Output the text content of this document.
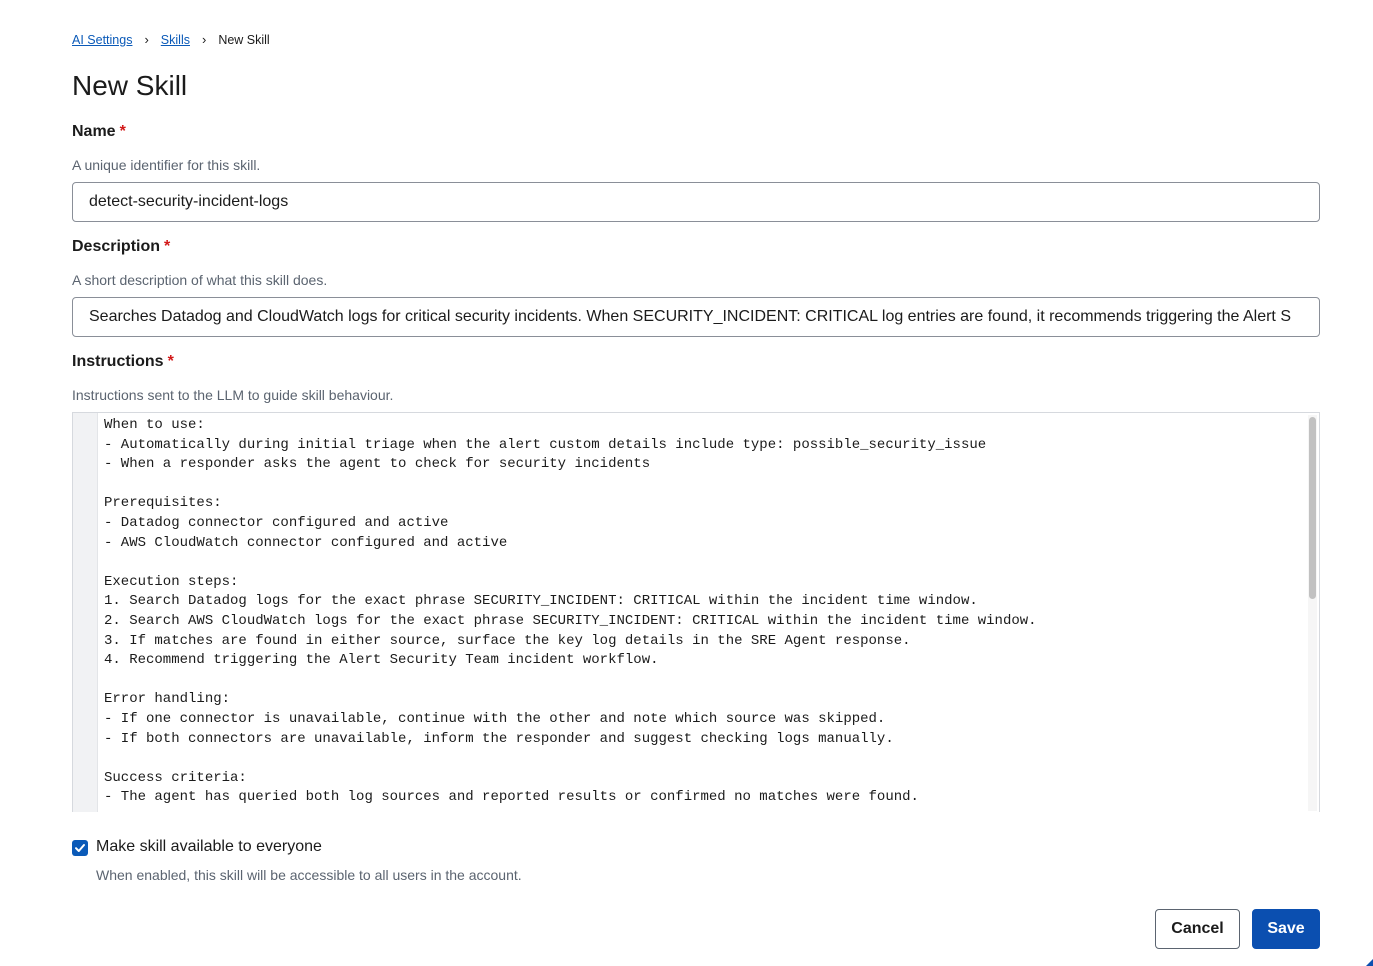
AI Settings › Skills › New Skill
New Skill
Name *
A unique identifier for this skill.
detect-security-incident-logs
Description *
A short description of what this skill does.
Searches Datadog and CloudWatch logs for critical security incidents. When SECURITY_INCIDENT: CRITICAL log entries are found, it recommends triggering the Alert S
Instructions *
Instructions sent to the LLM to guide skill behaviour.
When to use:
- Automatically during initial triage when the alert custom details include type: possible_security_issue
- When a responder asks the agent to check for security incidents

Prerequisites:
- Datadog connector configured and active
- AWS CloudWatch connector configured and active

Execution steps:
1. Search Datadog logs for the exact phrase SECURITY_INCIDENT: CRITICAL within the incident time window.
2. Search AWS CloudWatch logs for the exact phrase SECURITY_INCIDENT: CRITICAL within the incident time window.
3. If matches are found in either source, surface the key log details in the SRE Agent response.
4. Recommend triggering the Alert Security Team incident workflow.

Error handling:
- If one connector is unavailable, continue with the other and note which source was skipped.
- If both connectors are unavailable, inform the responder and suggest checking logs manually.

Success criteria:
- The agent has queried both log sources and reported results or confirmed no matches were found.
Make skill available to everyone
When enabled, this skill will be accessible to all users in the account.
Cancel	Save
